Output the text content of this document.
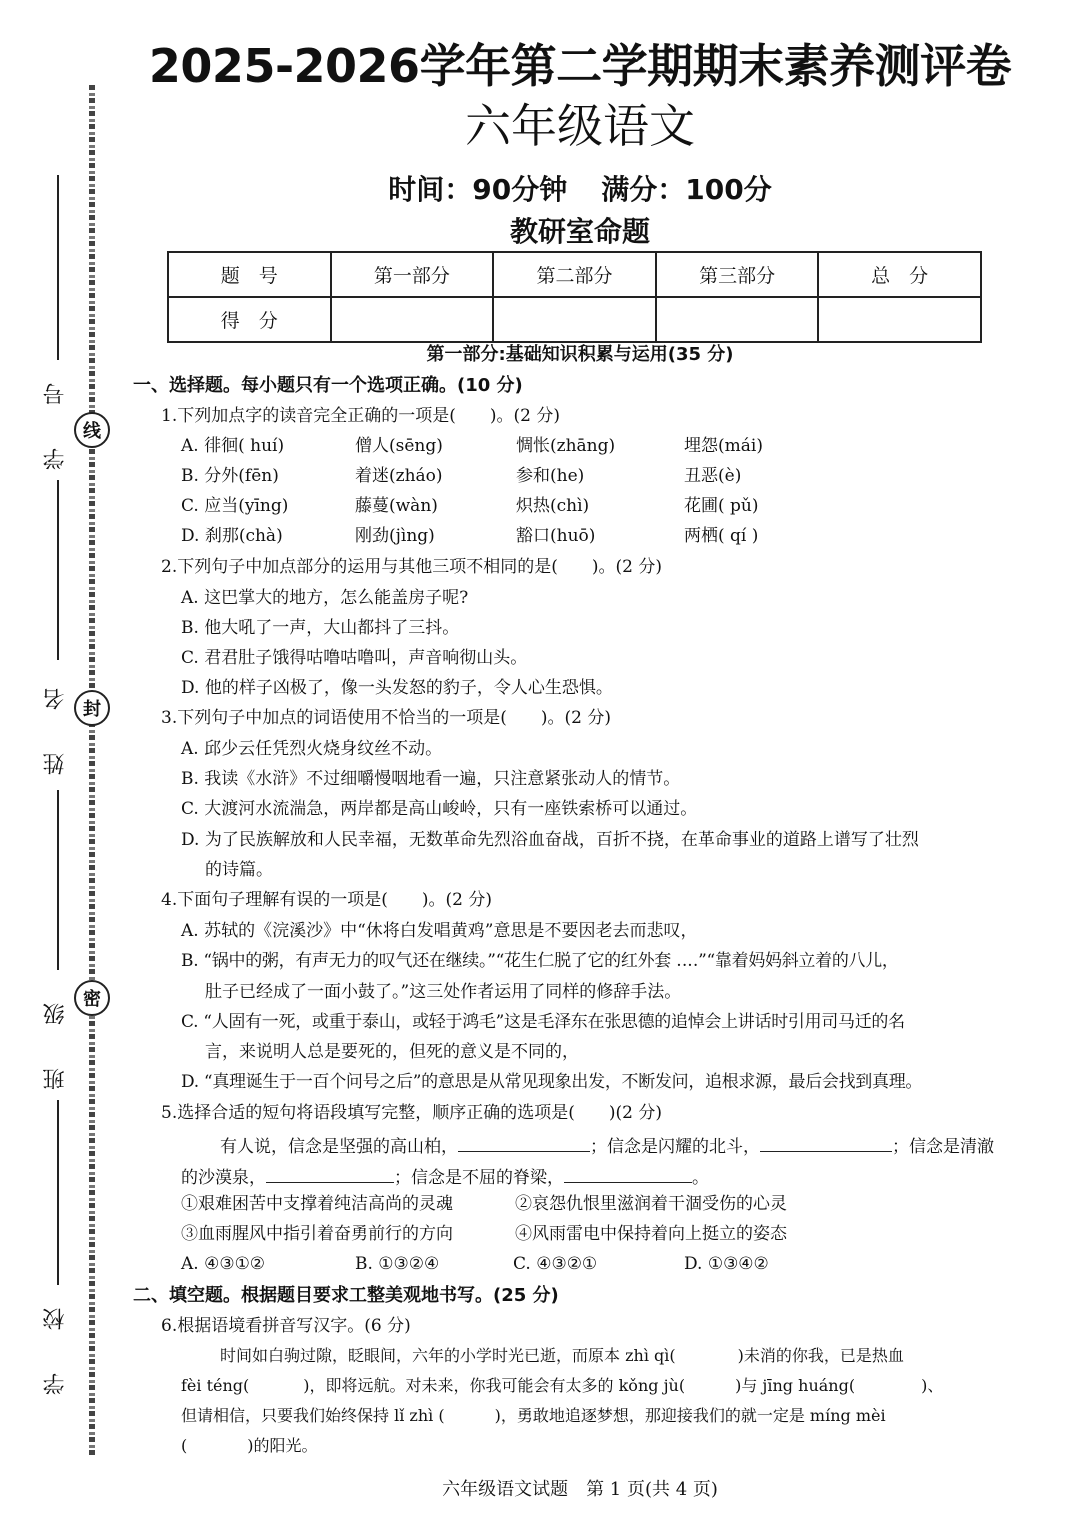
学 号
姓 名
班 级
学 校
线
封
密
2025-2026学年第二学期期末素养测评卷
六年级语文
时间：90分钟 满分：100分
教研室命题
题　号	第一部分	第二部分	第三部分	总　分
得　分				
第一部分:基础知识积累与运用(35 分)
一、选择题。每小题只有一个选项正确。(10 分)
1.下列加点字的读音完全正确的一项是(　　)。(2 分)
A. 徘徊( huí)	僧人(sēng)	惆怅(zhāng)	埋怨(mái)
B. 分外(fēn)	着迷(zháo)	参和(he)	丑恶(è)
C. 应当(yīng)	藤蔓(wàn)	炽热(chì)	花圃( pǔ)
D. 刹那(chà)	刚劲(jìng)	豁口(huō)	两栖( qí )
2.下列句子中加点部分的运用与其他三项不相同的是(　　)。(2 分)
A. 这巴掌大的地方，怎么能盖房子呢?
B. 他大吼了一声，大山都抖了三抖。
C. 君君肚子饿得咕噜咕噜叫，声音响彻山头。
D. 他的样子凶极了，像一头发怒的豹子，令人心生恐惧。
3.下列句子中加点的词语使用不恰当的一项是(　　)。(2 分)
A. 邱少云任凭烈火烧身纹丝不动。
B. 我读《水浒》不过细嚼慢咽地看一遍，只注意紧张动人的情节。
C. 大渡河水流湍急，两岸都是高山峻岭，只有一座铁索桥可以通过。
D. 为了民族解放和人民幸福，无数革命先烈浴血奋战，百折不挠，在革命事业的道路上谱写了壮烈
的诗篇。
4.下面句子理解有误的一项是(　　)。(2 分)
A. 苏轼的《浣溪沙》中“休将白发唱黄鸡”意思是不要因老去而悲叹，
B. “锅中的粥，有声无力的叹气还在继续。”“花生仁脱了它的红外套 ‥‥”“靠着妈妈斜立着的八儿，
肚子已经成了一面小鼓了。”这三处作者运用了同样的修辞手法。
C. “人固有一死，或重于泰山，或轻于鸿毛”这是毛泽东在张思德的追悼会上讲话时引用司马迁的名
言，来说明人总是要死的，但死的意义是不同的，
D. “真理诞生于一百个问号之后”的意思是从常见现象出发，不断发问，追根求源，最后会找到真理。
5.选择合适的短句将语段填写完整，顺序正确的选项是(　　)(2 分)
有人说，信念是坚强的高山柏，	；信念是闪耀的北斗，	；信念是清澈
的沙漠泉，	；信念是不屈的脊梁，	。
①艰难困苦中支撑着纯洁高尚的灵魂	②哀怨仇恨里滋润着干涸受伤的心灵
③血雨腥风中指引着奋勇前行的方向	④风雨雷电中保持着向上挺立的姿态
A. ④③①②	B. ①③②④	C. ④③②①	D. ①③④②
二、填空题。根据题目要求工整美观地书写。(25 分)
6.根据语境看拼音写汉字。(6 分)
时间如白驹过隙，眨眼间，六年的小学时光已逝，而原本 zhì qì(	)未消的你我，已是热血
fèi téng(	)，即将远航。对未来，你我可能会有太多的 kǒng jù(	)与 jīng huáng(	)、
但请相信，只要我们始终保持 lǐ zhì (	)，勇敢地追逐梦想，那迎接我们的就一定是 míng mèi
(	)的阳光。
六年级语文试题　第 1 页(共 4 页)
